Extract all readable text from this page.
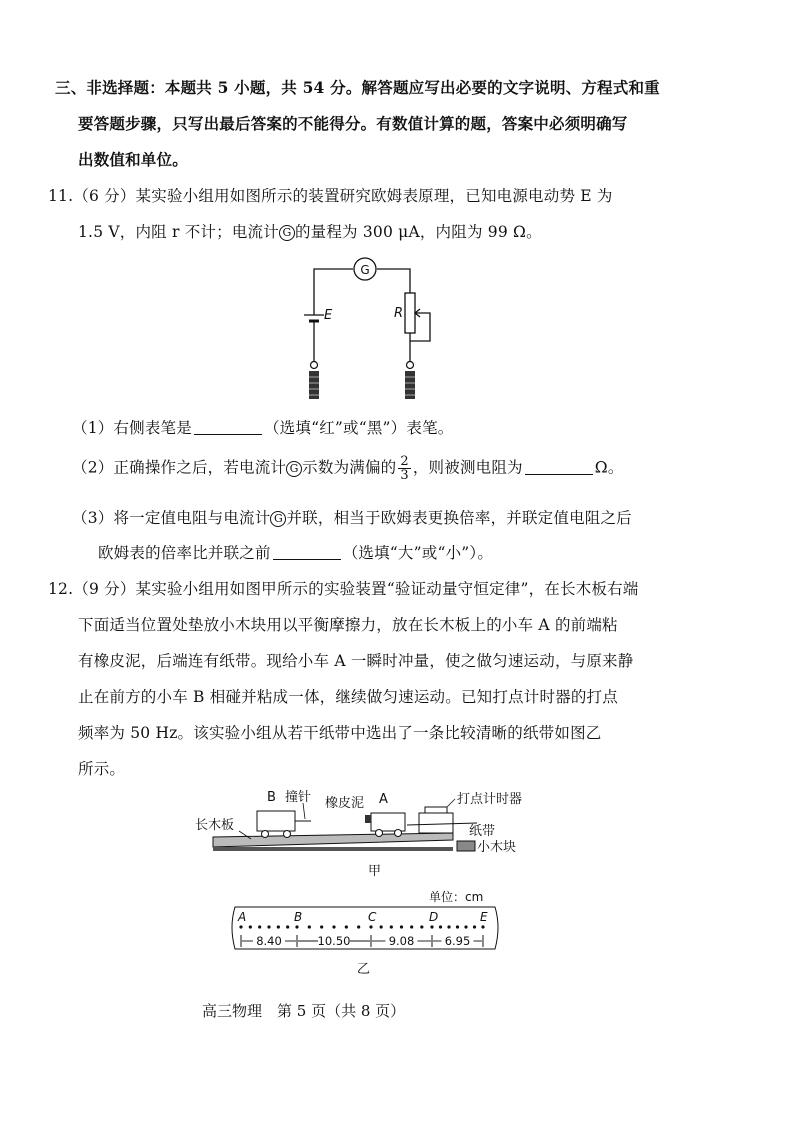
三、非选择题：本题共 5 小题，共 54 分。解答题应写出必要的文字说明、方程式和重
要答题步骤，只写出最后答案的不能得分。有数值计算的题，答案中必须明确写
出数值和单位。
11.（6 分）某实验小组用如图所示的装置研究欧姆表原理，已知电源电动势 E 为
1.5 V，内阻 r 不计；电流计 G 的量程为 300 μA，内阻为 99 Ω。
G
E	R
（1）右侧表笔是	（选填“红”或“黑”）表笔。
（2）正确操作之后，若电流计 G 示数为满偏的 $\frac{2}{3}$ ，则被测电阻为	Ω。
（3）将一定值电阻与电流计 G 并联，相当于欧姆表更换倍率，并联定值电阻之后
欧姆表的倍率比并联之前	（选填“大”或“小”）。
12.（9 分）某实验小组用如图甲所示的实验装置“验证动量守恒定律”，在长木板右端
下面适当位置处垫放小木块用以平衡摩擦力，放在长木板上的小车 A 的前端粘
有橡皮泥，后端连有纸带。现给小车 A 一瞬时冲量，使之做匀速运动，与原来静
止在前方的小车 B 相碰并粘成一体，继续做匀速运动。已知打点计时器的打点
频率为 50 Hz。该实验小组从若干纸带中选出了一条比较清晰的纸带如图乙
所示。
B 撞针 橡皮泥 A	打点计时器
长木板	纸带
小木块
甲
单位：cm
A	B	C	D	E
8.40	10.50	9.08	6.95
乙
高三物理　第 5 页（共 8 页）
